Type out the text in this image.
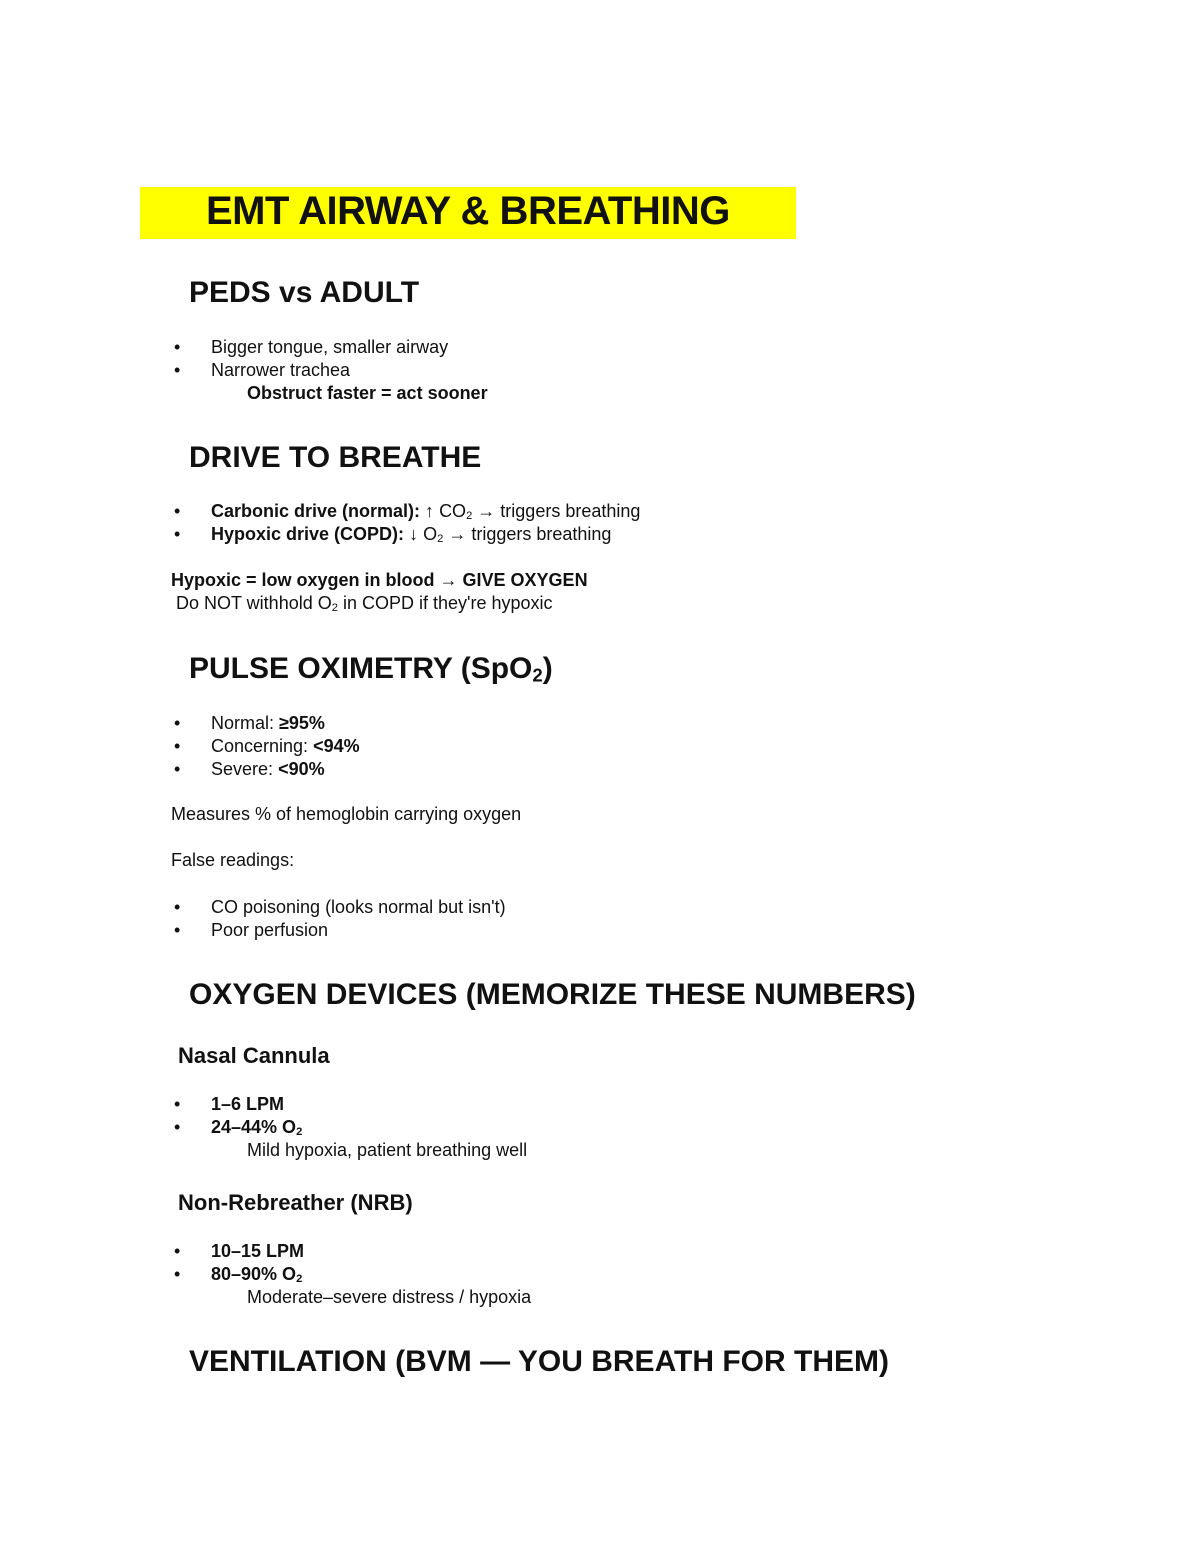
EMT AIRWAY & BREATHING
PEDS vs ADULT
• Bigger tongue, smaller airway
• Narrower trachea
Obstruct faster = act sooner
DRIVE TO BREATHE
• Carbonic drive (normal): ↑ $CO_2$ → triggers breathing
• Hypoxic drive (COPD): ↓ $O_2$ → triggers breathing
Hypoxic = low oxygen in blood → GIVE OXYGEN
Do NOT withhold $O_2$ in COPD if they're hypoxic
PULSE OXIMETRY (SpO$_2$)
• Normal: ≥95%
• Concerning: <94%
• Severe: <90%
Measures % of hemoglobin carrying oxygen
False readings:
• CO poisoning (looks normal but isn't)
• Poor perfusion
OXYGEN DEVICES (MEMORIZE THESE NUMBERS)
Nasal Cannula
• 1–6 LPM
• 24–44% $O_2$
Mild hypoxia, patient breathing well
Non-Rebreather (NRB)
• 10–15 LPM
• 80–90% $O_2$
Moderate–severe distress / hypoxia
VENTILATION (BVM — YOU BREATH FOR THEM)
